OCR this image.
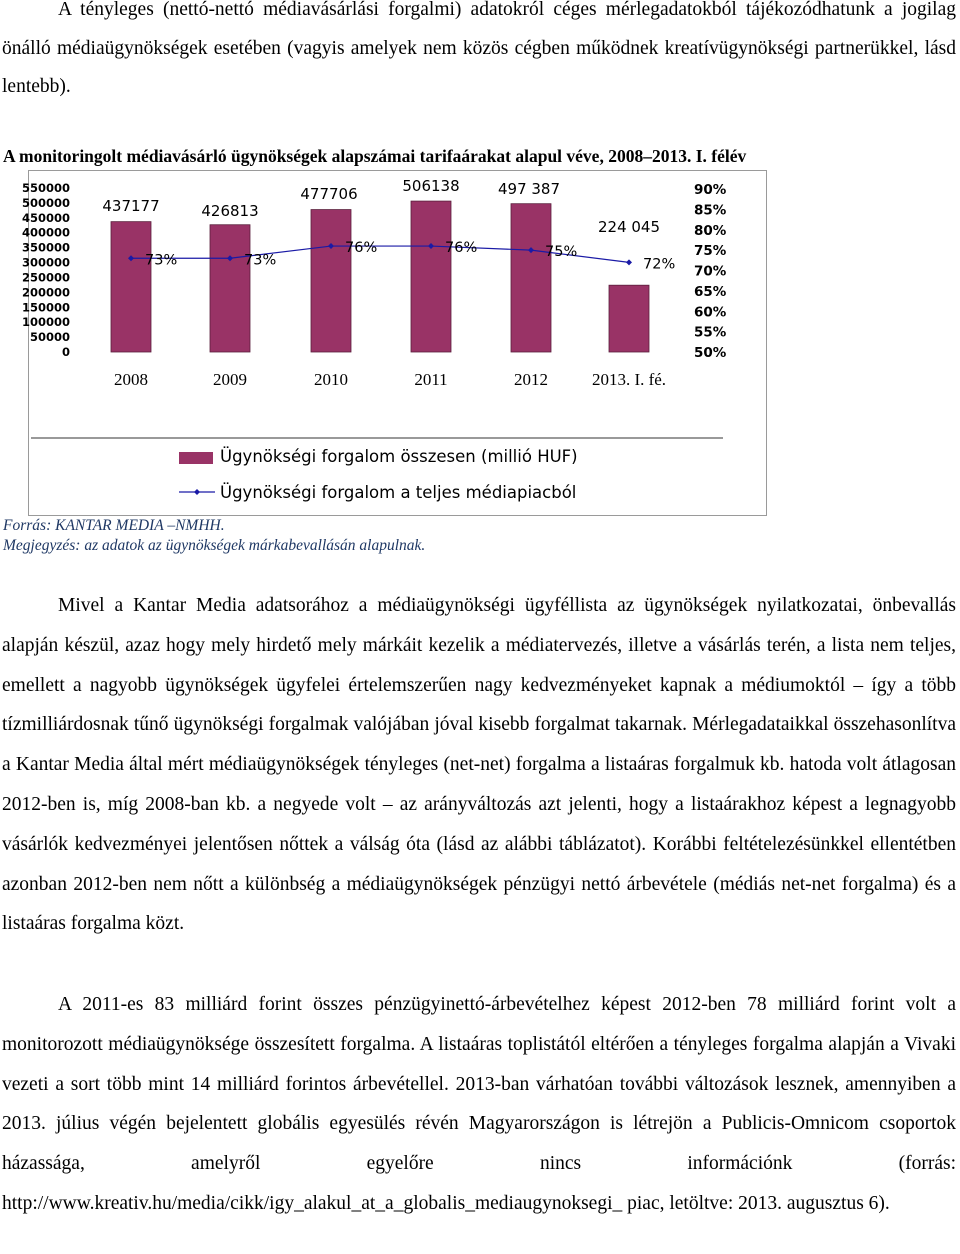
A tényleges (nettó-nettó médiavásárlási forgalmi) adatokról céges mérlegadatokból tájékozódhatunk a jogilag önálló médiaügynökségek esetében (vagyis amelyek nem közös cégben működnek kreatívügynökségi partnerükkel, lásd lentebb).

A monitoringolt médiavásárló ügynökségek alapszámai tarifaárakat alapul véve, 2008–2013. I. félév
550000
500000
450000
400000
350000
300000
250000
200000
150000
100000
50000
0
90%
85%
80%
75%
70%
65%
60%
55%
50%
437177	426813
477706	506138	497 387
224 045
73%	73%
76%	76%	75%
72%
2008	2009	2010	2011	2012	2013. I. fé.
Ügynökségi forgalom összesen (millió HUF)
Ügynökségi forgalom a teljes médiapiacból
Forrás: KANTAR MEDIA –NMHH.
Megjegyzés: az adatok az ügynökségek márkabevallásán alapulnak.

Mivel a Kantar Media adatsorához a médiaügynökségi ügyféllista az ügynökségek nyilatkozatai, önbevallás alapján készül, azaz hogy mely hirdető mely márkáit kezelik a médiatervezés, illetve a vásárlás terén, a lista nem teljes, emellett a nagyobb ügynökségek ügyfelei értelemszerűen nagy kedvezményeket kapnak a médiumoktól – így a több tízmilliárdosnak tűnő ügynökségi forgalmak valójában jóval kisebb forgalmat takarnak. Mérlegadataikkal összehasonlítva a Kantar Media által mért médiaügynökségek tényleges (net-net) forgalma a listaáras forgalmuk kb. hatoda volt átlagosan 2012-ben is, míg 2008-ban kb. a negyede volt – az arányváltozás azt jelenti, hogy a listaárakhoz képest a legnagyobb vásárlók kedvezményei jelentősen nőttek a válság óta (lásd az alábbi táblázatot). Korábbi feltételezésünkkel ellentétben azonban 2012-ben nem nőtt a különbség a médiaügynökségek pénzügyi nettó árbevétele (médiás net-net forgalma) és a listaáras forgalma közt.

A 2011-es 83 milliárd forint összes pénzügyinettó-árbevételhez képest 2012-ben 78 milliárd forint volt a monitorozott médiaügynöksége összesített forgalma. A listaáras toplistától eltérően a tényleges forgalma alapján a Vivaki vezeti a sort több mint 14 milliárd forintos árbevétellel. 2013-ban várhatóan további változások lesznek, amennyiben a 2013. július végén bejelentett globális egyesülés révén Magyarországon is létrejön a Publicis-Omnicom csoportok házassága, amelyről egyelőre nincs információnk (forrás: http://www.kreativ.hu/media/cikk/igy_alakul_at_a_globalis_mediaugynoksegi_ piac, letöltve: 2013. augusztus 6).
